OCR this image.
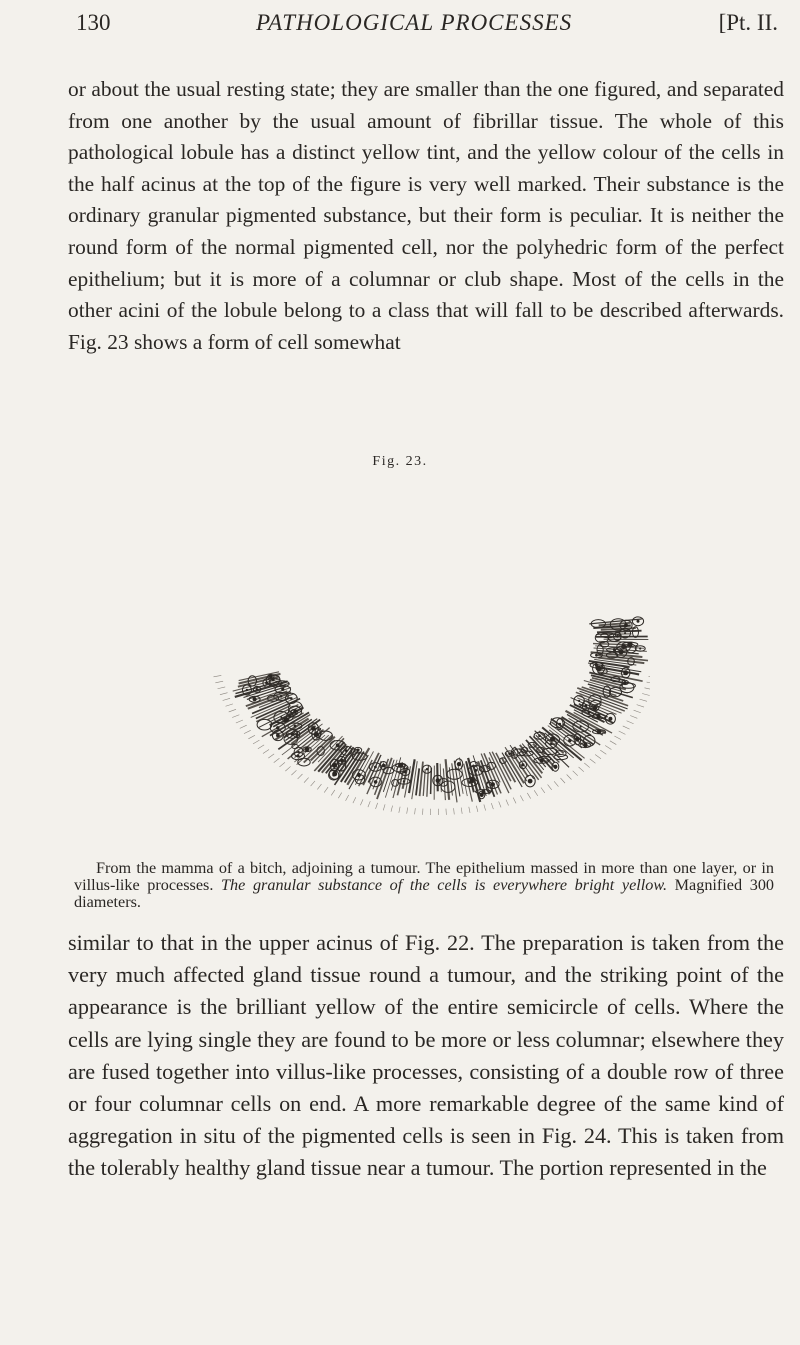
130	PATHOLOGICAL PROCESSES	[Pt. II.

or about the usual resting state; they are smaller than the one figured, and separated from one another by the usual amount of fibrillar tissue. The whole of this pathological lobule has a distinct yellow tint, and the yellow colour of the cells in the half acinus at the top of the figure is very well marked. Their substance is the ordinary granular pigmented substance, but their form is peculiar. It is neither the round form of the normal pigmented cell, nor the polyhedric form of the perfect epithelium; but it is more of a columnar or club shape. Most of the cells in the other acini of the lobule belong to a class that will fall to be described afterwards. Fig. 23 shows a form of cell somewhat

Fig. 23.

From the mamma of a bitch, adjoining a tumour. The epithelium massed in more than one layer, or in villus-like processes. The granular substance of the cells is everywhere bright yellow. Magnified 300 diameters.

similar to that in the upper acinus of Fig. 22. The preparation is taken from the very much affected gland tissue round a tumour, and the striking point of the appearance is the brilliant yellow of the entire semicircle of cells. Where the cells are lying single they are found to be more or less columnar; elsewhere they are fused together into villus-like processes, consisting of a double row of three or four columnar cells on end. A more remarkable degree of the same kind of aggregation in situ of the pigmented cells is seen in Fig. 24. This is taken from the tolerably healthy gland tissue near a tumour. The portion represented in the
